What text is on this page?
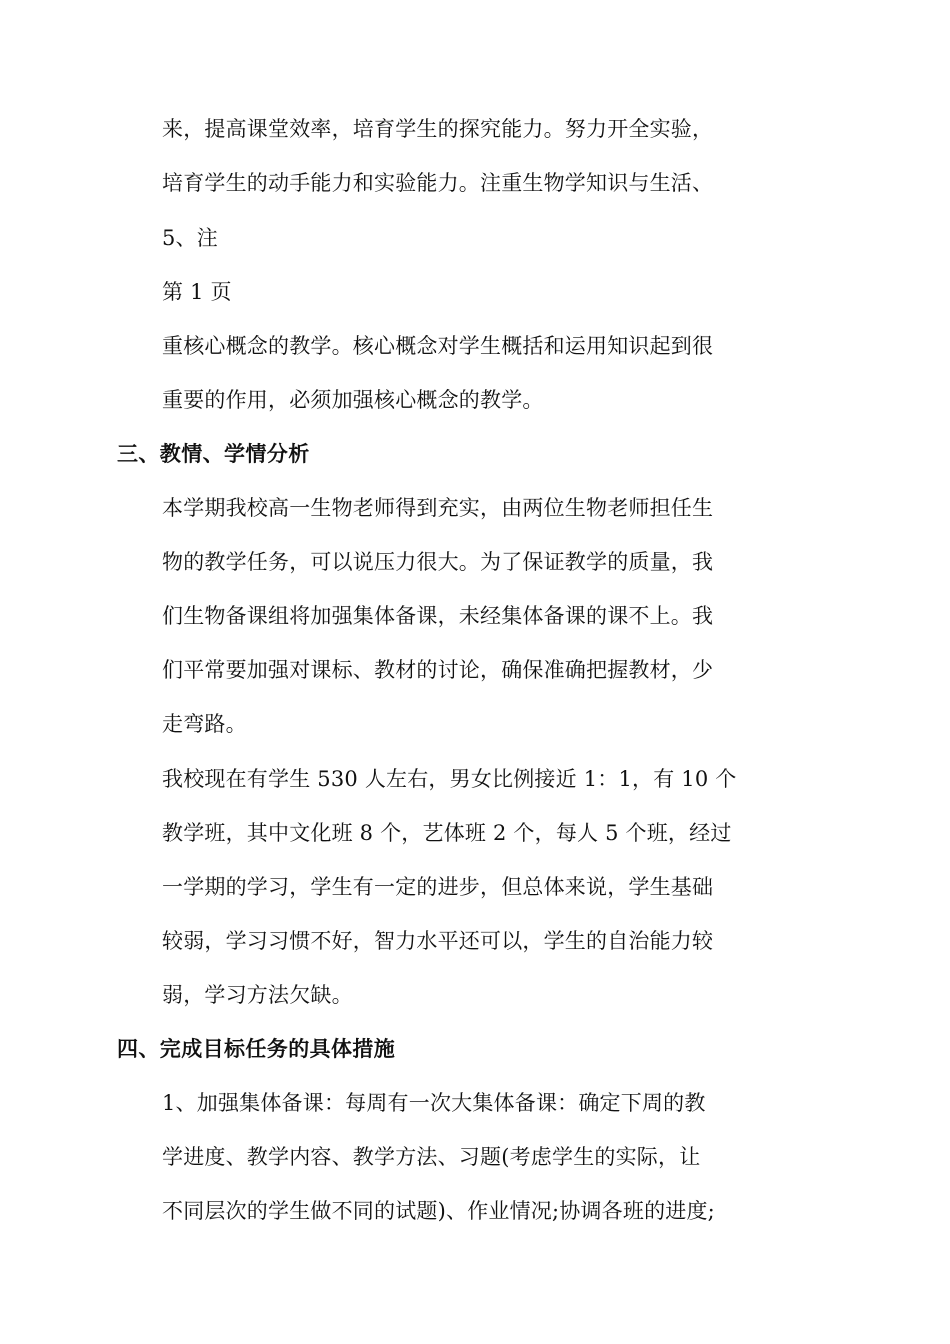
来，提高课堂效率，培育学生的探究能力。努力开全实验，
培育学生的动手能力和实验能力。注重生物学知识与生活、
5、注
第 1 页
重核心概念的教学。核心概念对学生概括和运用知识起到很
重要的作用，必须加强核心概念的教学。
三、教情、学情分析
本学期我校高一生物老师得到充实，由两位生物老师担任生
物的教学任务，可以说压力很大。为了保证教学的质量，我
们生物备课组将加强集体备课，未经集体备课的课不上。我
们平常要加强对课标、教材的讨论，确保准确把握教材，少
走弯路。
我校现在有学生 530 人左右，男女比例接近 1：1，有 10 个
教学班，其中文化班 8 个，艺体班 2 个，每人 5 个班，经过
一学期的学习，学生有一定的进步，但总体来说，学生基础
较弱，学习习惯不好，智力水平还可以，学生的自治能力较
弱，学习方法欠缺。
四、完成目标任务的具体措施
1、加强集体备课：每周有一次大集体备课：确定下周的教
学进度、教学内容、教学方法、习题(考虑学生的实际，让
不同层次的学生做不同的试题)、作业情况;协调各班的进度;
